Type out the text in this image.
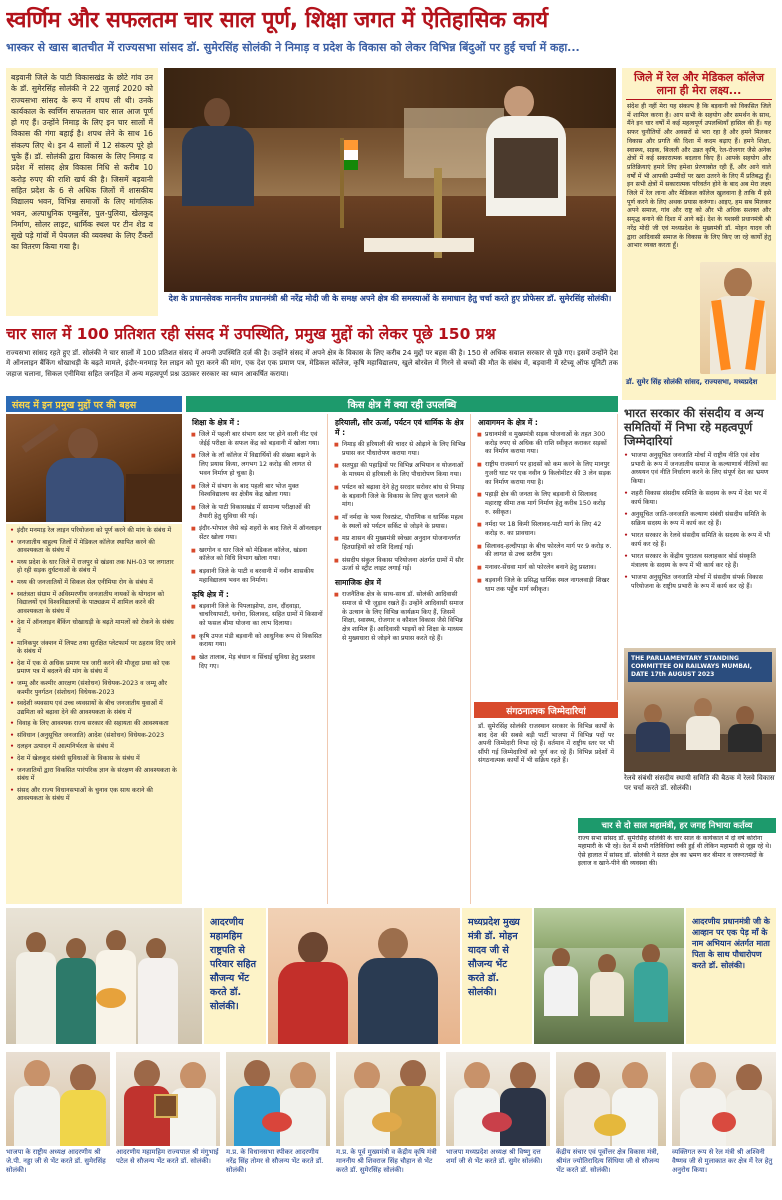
स्वर्णिम और सफलतम चार साल पूर्ण, शिक्षा जगत में ऐतिहासिक कार्य
भास्कर से खास बातचीत में राज्यसभा सांसद डॉ. सुमेरसिंह सोलंकी ने निमाड़ व प्रदेश के विकास को लेकर विभिन्न बिंदुओं पर हुई चर्चा में कहा...
बड़वानी जिले के पाटी विकासखंड के छोटे गांव उन के डॉ. सुमेरसिंह सोलंकी ने 22 जुलाई 2020 को राज्यसभा सांसद के रूप में शपथ ली थी। उनके कार्यकाल के स्वर्णिम सफलतम चार साल आज पूर्ण हो गए हैं। उन्होंने निमाड़ के लिए इन चार सालों में विकास की गंगा बहाई है। शपथ लेने के साथ 16 संकल्प लिए थे। इन 4 सालों में 12 संकल्प पूरे हो चुके हैं। डॉ. सोलंकी द्वारा विकास के लिए निमाड़ व प्रदेश में सांसद क्षेत्र विकास निधि से करीब 10 करोड़ रुपए की राशि खर्च की है। जिसमें बड़वानी सहित प्रदेश के 6 से अधिक जिलों में शासकीय विद्यालय भवन, विभिन्न समाजों के लिए मांगलिक भवन, अल्पाधुनिक एम्बुलेंस, पुल-पुलिया, खेलकूद निर्माण, सोलर लाइट, धार्मिक स्थल पर टीन शेड व सूखे पड़े गांवों में पेयजल की व्यवस्था के लिए टैंकरों का वितरण किया गया है।
देश के प्रधानसेवक माननीय प्रधानमंत्री श्री नरेंद्र मोदी जी के समक्ष अपने क्षेत्र की समस्याओं के समाधान हेतु चर्चा करते हुए प्रोफेसर डॉ. सुमेरसिंह सोलंकी।
जिले में रेल और मेडिकल कॉलेज लाना ही मेरा लक्ष्य...
संदेश ही नहीं मेरा यह संकल्प है कि बड़वानी को विकसित जिले में शामिल करना है। आप सभी के सहयोग और समर्थन के साथ, मैंने इन चार वर्षों में कई महत्वपूर्ण उपलब्धियाँ हासिल की हैं। यह सफर चुनौतियों और अवसरों से भरा रहा है और हमने मिलकर विकास और प्रगति की दिशा में कदम बढ़ाए हैं। हमने शिक्षा, स्वास्थ्य, सड़क, बिजली और उन्नत कृषि, रेल-रोजगार जैसे अनेक क्षेत्रों में कई सकारात्मक बदलाव किए हैं। आपके सहयोग और प्रतिक्रियाएं हमारे लिए हमेशा प्रेरणास्रोत रही हैं, और आने वाले वर्षों में भी आपकी उम्मीदों पर खरा उतरने के लिए मैं प्रतिबद्ध हूँ। इन सभी क्षेत्रों में सकारात्मक परिवर्तन होने के बाद अब मेरा लक्ष्य जिले में रेल लाना और मेडिकल कॉलेज खुलवाना है ताकि मैं इसे पूर्ण करने के लिए अथक प्रयास करूंगा। आइए, हम सब मिलकर अपने समाज, गांव और राष्ट्र को और भी अधिक सशक्त और समृद्ध बनाने की दिशा में आगे बढ़ें। देश के यशस्वी प्रधानमंत्री श्री नरेंद्र मोदी जी एवं मध्यप्रदेश के मुख्यमंत्री डॉ. मोहन यादव जी द्वारा आदिवासी समाज के विकास के लिए किए जा रहे कार्यों हेतु आभार व्यक्त करता हूँ।
डॉ. सुमेर सिंह सोलंकी सांसद, राज्यसभा, मध्यप्रदेश
चार साल में 100 प्रतिशत रही संसद में उपस्थिति, प्रमुख मुद्दों को लेकर पूछे 150 प्रश्न
राज्यसभा सांसद रहते हुए डॉ. सोलंकी ने चार सालों में 100 प्रतिशत संसद में अपनी उपस्थिति दर्ज की है। उन्होंने संसद में अपने क्षेत्र के विकास के लिए करीब 24 मुद्दों पर बहस की है। 150 से अधिक सवाल सरकार से पूछे गए। इसमें उन्होंने देश में ऑनलाइन बैंकिंग धोखाधड़ी के बढ़ते मामले, इंदौर-मनमाड़ रेल लाइन को पूरा करने की मांग, एक देश एक प्रमाण पत्र, मेडिकल कॉलेज, कृषि महाविद्यालय, खुले बोरवेल में गिरने से बच्चों की मौत के संबंध में, बड़वानी में स्टेच्यू ऑफ यूनिटी तक जहाज चलाना, सिकल एनीमिया सहित जनहित में अन्य महत्वपूर्ण प्रश्न उठाकर सरकार का ध्यान आकर्षित कराया।
संसद में इन प्रमुख मुद्दों पर की बहस
• इंदौर मनमाड़ रेल लाइन परियोजना को पूर्ण करने की मांग के संबंध में
• जनजातीय बाहुल्य जिलों में मेडिकल कॉलेज स्थापित करने की आवश्यकता के संबंध में
• मध्य प्रदेश के धार जिले में राजपुर से खंडवा तक NH-03 पर लगातार हो रही सड़क दुर्घटनाओं के संबंध में
• मध्य की जनजातियों में सिकल सेल एनीमिया रोग के संबंध में
• स्वतंत्रता संग्राम में अविस्मरणीय जनजातीय नायकों के योगदान को विद्यालयों एवं विश्वविद्यालयों के पाठ्यक्रम में शामिल करने की आवश्यकता के संबंध में
• देश में ऑनलाइन बैंकिंग धोखाधड़ी के बढ़ते मामलों को रोकने के संबंध में
• मानिकपुर जंक्शन में लिफ्ट तथा सुरक्षित प्लेटफार्म पर ठहराव दिए जाने के संबंध में
• देश में एक से अधिक प्रमाण पत्र जारी करने की मौजूदा प्रथा को एक प्रमाण पत्र में बदलने की मांग के संबंध में
• जम्मू और कश्मीर आरक्षण (संशोधन) विधेयक-2023 व जम्मू और कश्मीर पुनर्गठन (संशोधन) विधेयक-2023
• स्वदेशी व्यवसाय एवं उच्च व्यवसायों के बीच जनजातीय युवाओं में उद्यमिता को बढ़ावा देने की आवश्यकता के संबंध में
• विवाह के लिए आवश्यक राज्य सरकार की सहायता की आवश्यकता
• संविधान (अनुसूचित जनजाति) आदेश (संशोधन) विधेयक-2023
• दलहन उत्पादन में आत्मनिर्भरता के संबंध में
• देश में खेलकूद संबंधी सुविधाओं के विकास के संबंध में
• जनजातियों द्वारा विकसित पारंपरिक ज्ञान के संरक्षण की आवश्यकता के संबंध में
• संसद और राज्य विधानसभाओं के चुनाव एक साथ कराने की आवश्यकता के संबंध में
किस क्षेत्र में क्या रही उपलब्धि
शिक्षा के क्षेत्र में :
■ जिले में पहली बार संभाग स्तर पर होने वाली नीट एवं जेईई परीक्षा के सफल केंद्र को बड़वानी में खोला गया।
■ जिले के लॉ कॉलेज में विद्यार्थियों की संख्या बढ़ाने के लिए प्रयास किया, लगभग 12 करोड़ की लागत से भवन निर्माण हो चुका है।
■ जिले में संभाग के बाद पहली बार भोज मुक्त विश्वविद्यालय का क्षेत्रीय केंद्र खोला गया।
■ जिले के पाटी विकासखंड में सामान्य परीक्षाओं की तैयारी हेतु सुविधा की गई।
■ इंदौर-भोपाल जैसे बड़े शहरों के बाद जिले में ऑनलाइन सेंटर खोला गया।
■ खरगोन व धार जिले को मेडिकल कॉलेज, खंडवा कॉलेज को विधि विभाग खोला गया।
■ बड़वानी जिले के पाटी व बरवानी में नवीन शासकीय महाविद्यालय भवन का निर्माण।
कृषि क्षेत्र में :
■ बड़वानी जिले के पिपलाझोपा, ठान, दौंदवाड़ा, चाचरियापाटी, धनोरा, सिलावद, सहित ग्रामों में किसानों को फसल बीमा योजना का लाभ दिलाया।
■ कृषि उपज मंडी बड़वानी को आधुनिक रूप से विकसित कराया गया।
■ खेत तालाब, मेड़ बंधान व सिंचाई सुविधा हेतु प्रस्ताव दिए गए।
हरियाली, सौर ऊर्जा, पर्यटन एवं धार्मिक के क्षेत्र में :
■ निमाड़ की हरियाली की चादर से ओढ़ाने के लिए विभिन्न प्रयास कर पौधारोपण कराया गया।
■ सतपुड़ा की पहाड़ियों पर विभिन्न अभियान व योजनाओं के माध्यम से हरियाली के लिए पौधारोपण किया गया।
■ पर्यटन को बढ़ावा देने हेतु सरदार सरोवर बांध से निमाड़ के बड़वानी जिले के विकास के लिए क्रूज चलाने की मांग।
■ माँ नर्मदा के भव्य रिवरफ्रंट, पौराणिक व धार्मिक महत्व के स्थलों को पर्यटन सर्किट से जोड़ने के प्रयास।
■ मप्र शासन की मुख्यमंत्री स्वेच्छा अनुदान योजनान्तर्गत हितग्राहियों को राशि दिलाई गई।
■ संसदीय संकुल विकास परियोजना अंतर्गत ग्रामों में सौर ऊर्जा से स्ट्रीट लाइट लगाई गई।
सामाजिक क्षेत्र में
■ राजनैतिक क्षेत्र के साथ-साथ डॉ. सोलंकी आदिवासी समाज से भी जुड़ाव रखते हैं। उन्होंने आदिवासी समाज के उत्थान के लिए विभिन्न कार्यक्रम किए हैं, जिसमें शिक्षा, स्वास्थ्य, रोजगार व कौशल विकास जैसे विभिन्न क्षेत्र शामिल हैं। आदिवासी भाइयों को शिक्षा के माध्यम से मुख्यधारा से जोड़ने का प्रयास करते रहे हैं।
आवागमन के क्षेत्र में :
■ प्रधानमंत्री व मुख्यमंत्री सड़क योजनाओं के तहत 300 करोड़ रुपए से अधिक की राशि स्वीकृत कराकर सड़कों का निर्माण कराया गया।
■ राष्ट्रीय राजमार्ग पर हादसों को कम करने के लिए मानपुर गुजरी घाट पर एक नवीन 9 किलोमीटर की 3 लेन सड़क का निर्माण कराया गया है।
■ पहाड़ी क्षेत्र की जनता के लिए बड़वानी से सिलावद महाराष्ट्र सीमा तक मार्ग निर्माण हेतु करीब 150 करोड़ रु. स्वीकृत।
■ नर्मदा पर 18 किमी सिलावद-पाटी मार्ग के लिए 42 करोड़ रु. का प्रावधान।
■ सिलावद-हल्दीपाड़ा के बीच फोरलेन मार्ग पर 9 करोड़ रु. की लागत से उच्च स्तरीय पुल।
■ मनावर-सेंधवा मार्ग को फोरलेन बनाने हेतु प्रस्ताव।
■ बड़वानी जिले के प्रसिद्ध धार्मिक स्थल नागलवाड़ी शिखर धाम तक पहुँच मार्ग स्वीकृत।
संगठनात्मक जिम्मेदारियां
डॉ. सुमेरसिंह सोलंकी राजस्थान सरकार के विभिन्न कार्यों के बाद देश की सबसे बड़ी पार्टी भाजपा में विभिन्न पदों पर अपनी जिम्मेदारी निभा रहे हैं। वर्तमान में राष्ट्रीय स्तर पर भी सौंपी गई जिम्मेदारियों को पूर्ण कर रहे हैं। विभिन्न प्रदेशों में संगठनात्मक कार्यों में भी सक्रिय रहते हैं।
भारत सरकार की संसदीय व अन्य समितियों में निभा रहे महत्वपूर्ण जिम्मेदारियां
• भाजपा अनुसूचित जनजाति मोर्चा में राष्ट्रीय नीति एवं शोध प्रभारी के रूप में जनजातीय समाज के कल्याणार्थ नीतियों का अध्ययन एवं नीति निर्धारण करने के लिए संपूर्ण देश का भ्रमण किया।
• शहरी विकास संसदीय समिति के सदस्य के रूप में देश भर में कार्य किया।
• अनुसूचित जाति-जनजाति कल्याण संबंधी संसदीय समिति के सक्रिय सदस्य के रूप में कार्य कर रहे हैं।
• भारत सरकार के रेलवे संसदीय समिति के सदस्य के रूप में भी कार्य कर रहे हैं।
• भारत सरकार के केंद्रीय पुरातत्व सलाहकार बोर्ड संस्कृति मंत्रालय के सदस्य के रूप में भी कार्य कर रहे हैं।
• भाजपा अनुसूचित जनजाति मोर्चा में संसदीय संपर्क विकास परियोजना के राष्ट्रीय प्रभारी के रूप में कार्य कर रहे हैं।
THE PARLIAMENTARY STANDING COMMITTEE ON RAILWAYS MUMBAI, DATE 17th AUGUST 2023
रेलवे संबंधी संसदीय स्थायी समिति की बैठक में रेलवे विकास पर चर्चा करते डॉ. सोलंकी।
चार से दो साल महामंत्री, हर जगह निभाया कर्तव्य
राज्य सभा सांसद डॉ. सुमेरसिंह सोलंकी के चार साल के कार्यकाल में दो वर्ष कोरोना महामारी के भी रहे। देश में सभी गतिविधियां रुकी हुई थी लेकिन महामारी से जूझ रहे थे। ऐसे हालात में सांसद डॉ. सोलंकी ने सतत क्षेत्र का भ्रमण कर बीमार व जरूरतमंदों के इलाज व खाने-पीने की व्यवस्था की।
आदरणीय महामहिम राष्ट्रपति से परिवार सहित सौजन्य भेंट करते डॉ. सोलंकी।
मध्यप्रदेश मुख्य मंत्री डॉ. मोहन यादव जी से सौजन्य भेंट करते डॉ. सोलंकी।
आदरणीय प्रधानमंत्री जी के आव्हान पर एक पेड़ माँ के नाम अभियान अंतर्गत माता पिता के साथ पौधारोपण करते डॉ. सोलंकी।
भाजपा के राष्ट्रीय अध्यक्ष आदरणीय श्री जे.पी. नड्डा जी से भेंट करते डॉ. सुमेरसिंह सोलंकी।
आदरणीय महामहिम राज्यपाल श्री मंगुभाई पटेल से सौजन्य भेंट करते डॉ. सोलंकी।
म.प्र. के विधानसभा स्पीकर आदरणीय नरेंद्र सिंह तोमर से सौजन्य भेंट करते डॉ. सोलंकी।
म.प्र. के पूर्व मुख्यमंत्री व केंद्रीय कृषि मंत्री माननीय श्री शिवराज सिंह चौहान से भेंट करते डॉ. सुमेरसिंह सोलंकी।
भाजपा मध्यप्रदेश अध्यक्ष श्री विष्णु दत्त शर्मा जी से भेंट करते डॉ. सुमेर सोलंकी।
केंद्रीय संचार एवं पूर्वोत्तर क्षेत्र विकास मंत्री, श्रीमंत ज्योतिरादित्य सिंधिया जी से सौजन्य भेंट करते डॉ. सोलंकी।
व्यक्तिगत रूप से रेल मंत्री श्री अश्विनी वैष्णव जी से मुलाकात कर क्षेत्र में रेल हेतु अनुरोध किया।
